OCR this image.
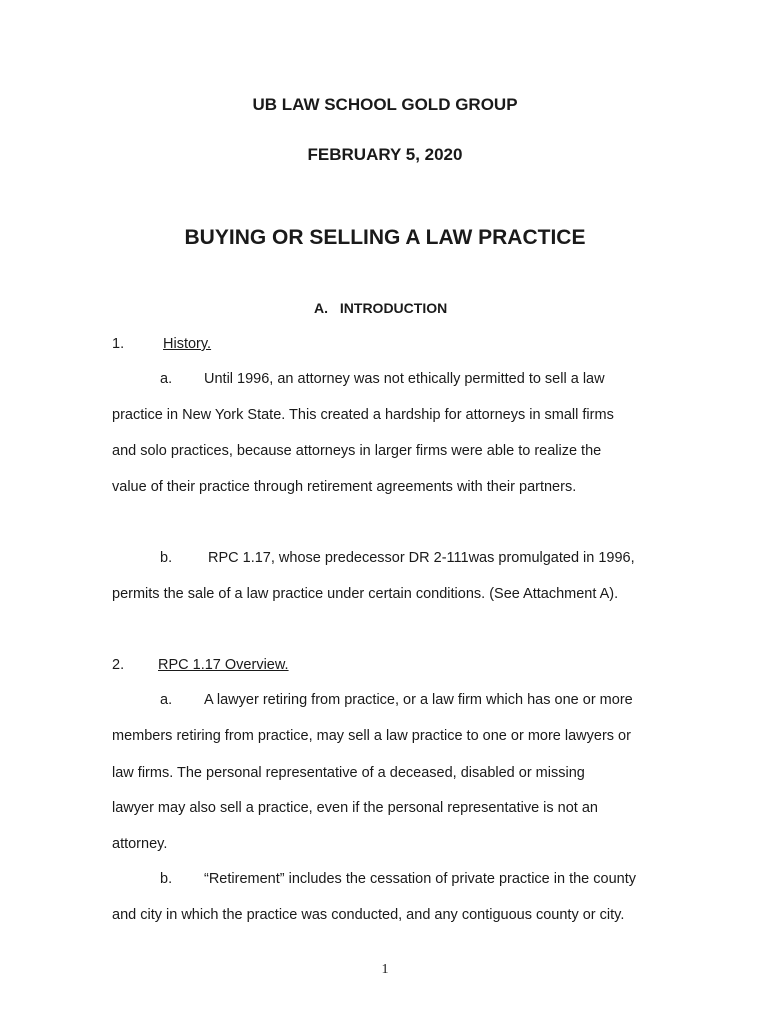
UB LAW SCHOOL GOLD GROUP
FEBRUARY 5, 2020
BUYING OR SELLING A LAW PRACTICE
A. INTRODUCTION
1.	History.
a. Until 1996, an attorney was not ethically permitted to sell a law
practice in New York State. This created a hardship for attorneys in small firms
and solo practices, because attorneys in larger firms were able to realize the
value of their practice through retirement agreements with their partners.
b. RPC 1.17, whose predecessor DR 2-111was promulgated in 1996,
permits the sale of a law practice under certain conditions. (See Attachment A).
2. RPC 1.17 Overview.
a. A lawyer retiring from practice, or a law firm which has one or more
members retiring from practice, may sell a law practice to one or more lawyers or
law firms. The personal representative of a deceased, disabled or missing
lawyer may also sell a practice, even if the personal representative is not an
attorney.
b. “Retirement” includes the cessation of private practice in the county
and city in which the practice was conducted, and any contiguous county or city.
1
